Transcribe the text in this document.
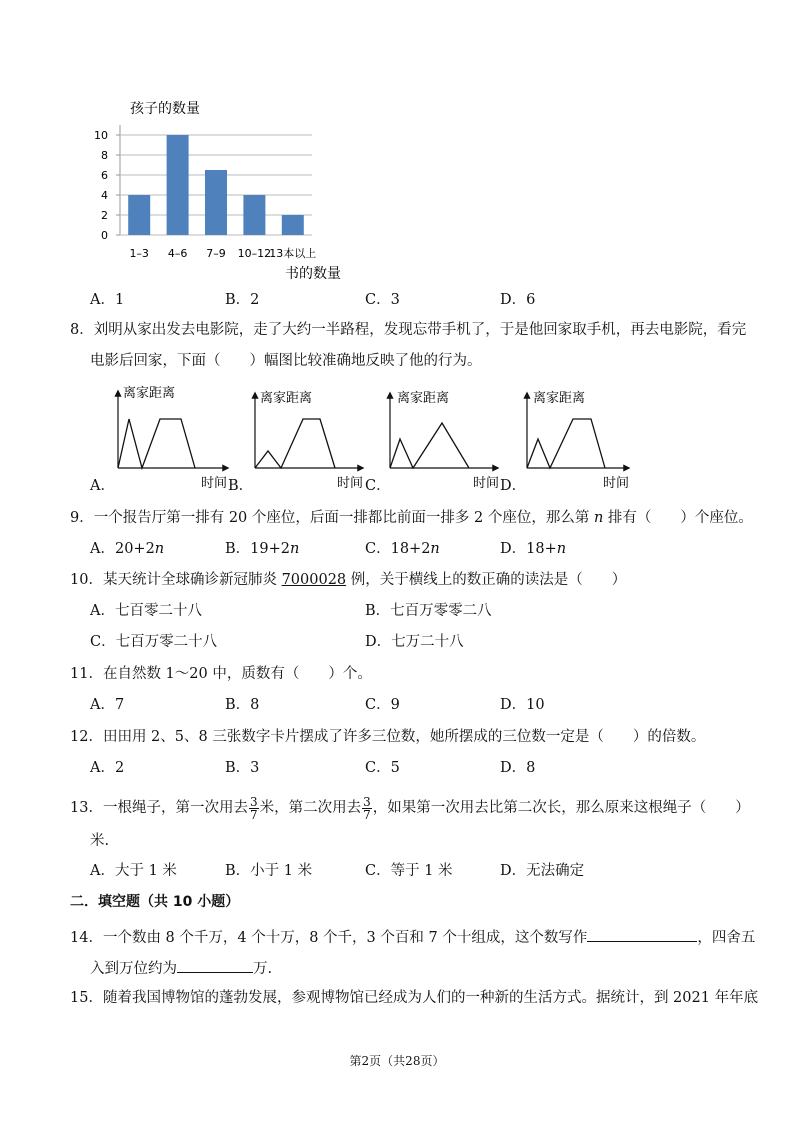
孩子的数量
0
2
4
6
8
10
1–3 4–6 7–9 10–12
13本以上
书的数量
A．1	B．2	C．3	D．6
8．刘明从家出发去电影院，走了大约一半路程，发现忘带手机了，于是他回家取手机，再去电影院，看完
电影后回家，下面（　　）幅图比较准确地反映了他的行为。
离家距离
时间
离家距离
时间
离家距离
时间
离家距离
时间
A．	B．	C．	D．
9．一个报告厅第一排有 20 个座位，后面一排都比前面一排多 2 个座位，那么第 n 排有（　　）个座位。
A．20+2n	B．19+2n	C．18+2n	D．18+n
10．某天统计全球确诊新冠肺炎 7000028 例，关于横线上的数正确的读法是（　　）
A．七百零二十八	B．七百万零零二八
C．七百万零二十八	D．七万二十八
11．在自然数 1～20 中，质数有（　　）个。
A．7	B．8	C．9	D．10
12．田田用 2、5、8 三张数字卡片摆成了许多三位数，她所摆成的三位数一定是（　　）的倍数。
A．2	B．3	C．5	D．8
13．一根绳子，第一次用去 $\frac{3}{7}$ 米，第二次用去 $\frac{3}{7}$ ，如果第一次用去比第二次长，那么原来这根绳子（　　）
米.
A．大于 1 米	B．小于 1 米	C．等于 1 米	D．无法确定
二．填空题（共 10 小题）
14．一个数由 8 个千万，4 个十万，8 个千，3 个百和 7 个十组成，这个数写作	，四舍五
入到万位约为	万.
15．随着我国博物馆的蓬勃发展，参观博物馆已经成为人们的一种新的生活方式。据统计，到 2021 年年底
第2页（共28页）
